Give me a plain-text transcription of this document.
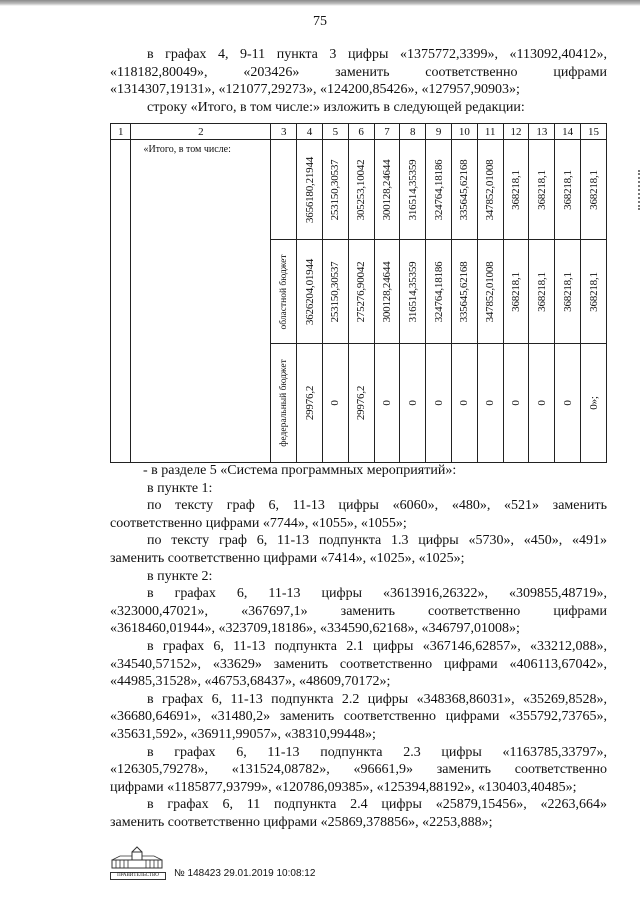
75

в графах 4, 9-11 пункта 3 цифры «1375772,3399», «113092,40412»,

«118182,80049», «203426» заменить соответственно цифрами

«1314307,19131», «121077,29273», «124200,85426», «127957,90903»;

строку «Итого, в том числе:» изложить в следующей редакции:

1	2	3	4	5	6	7	8	9	10	11	12	13	14	15

	«Итого, в том числе:		3656180,21944	253150,30537	305253,10042	300128,24644	316514,35359	324764,18186	335645,62168	347852,01008	368218,1	368218,1	368218,1	368218,1

		областной бюджет	3626204,01944	253150,30537	275276,90042	300128,24644	316514,35359	324764,18186	335645,62168	347852,01008	368218,1	368218,1	368218,1	368218,1

		федеральный бюджет	29976,2	0	29976,2	0	0	0	0	0	0	0	0	0»;

- в разделе 5 «Система программных мероприятий»:

в пункте 1:

по тексту граф 6, 11-13 цифры «6060», «480», «521» заменить

соответственно цифрами «7744», «1055», «1055»;

по тексту граф 6, 11-13 подпункта 1.3 цифры «5730», «450», «491»

заменить соответственно цифрами «7414», «1025», «1025»;

в пункте 2:

в графах 6, 11-13 цифры «3613916,26322», «309855,48719»,

«323000,47021», «367697,1» заменить соответственно цифрами

«3618460,01944», «323709,18186», «334590,62168», «346797,01008»;

в графах 6, 11-13 подпункта 2.1 цифры «367146,62857», «33212,088»,

«34540,57152», «33629» заменить соответственно цифрами «406113,67042»,

«44985,31528», «46753,68437», «48609,70172»;

в графах 6, 11-13 подпункта 2.2 цифры «348368,86031», «35269,8528»,

«36680,64691», «31480,2» заменить соответственно цифрами «355792,73765»,

«35631,592», «36911,99057», «38310,99448»;

в графах 6, 11-13 подпункта 2.3 цифры «1163785,33797»,

«126305,79278», «131524,08782», «96661,9» заменить соответственно

цифрами «1185877,93799», «120786,09385», «125394,88192», «130403,40485»;

в графах 6, 11 подпункта 2.4 цифры «25879,15456», «2263,664»

заменить соответственно цифрами «25869,378856», «2253,888»;

ПРАВИТЕЛЬСТВО	№ 148423 29.01.2019 10:08:12
